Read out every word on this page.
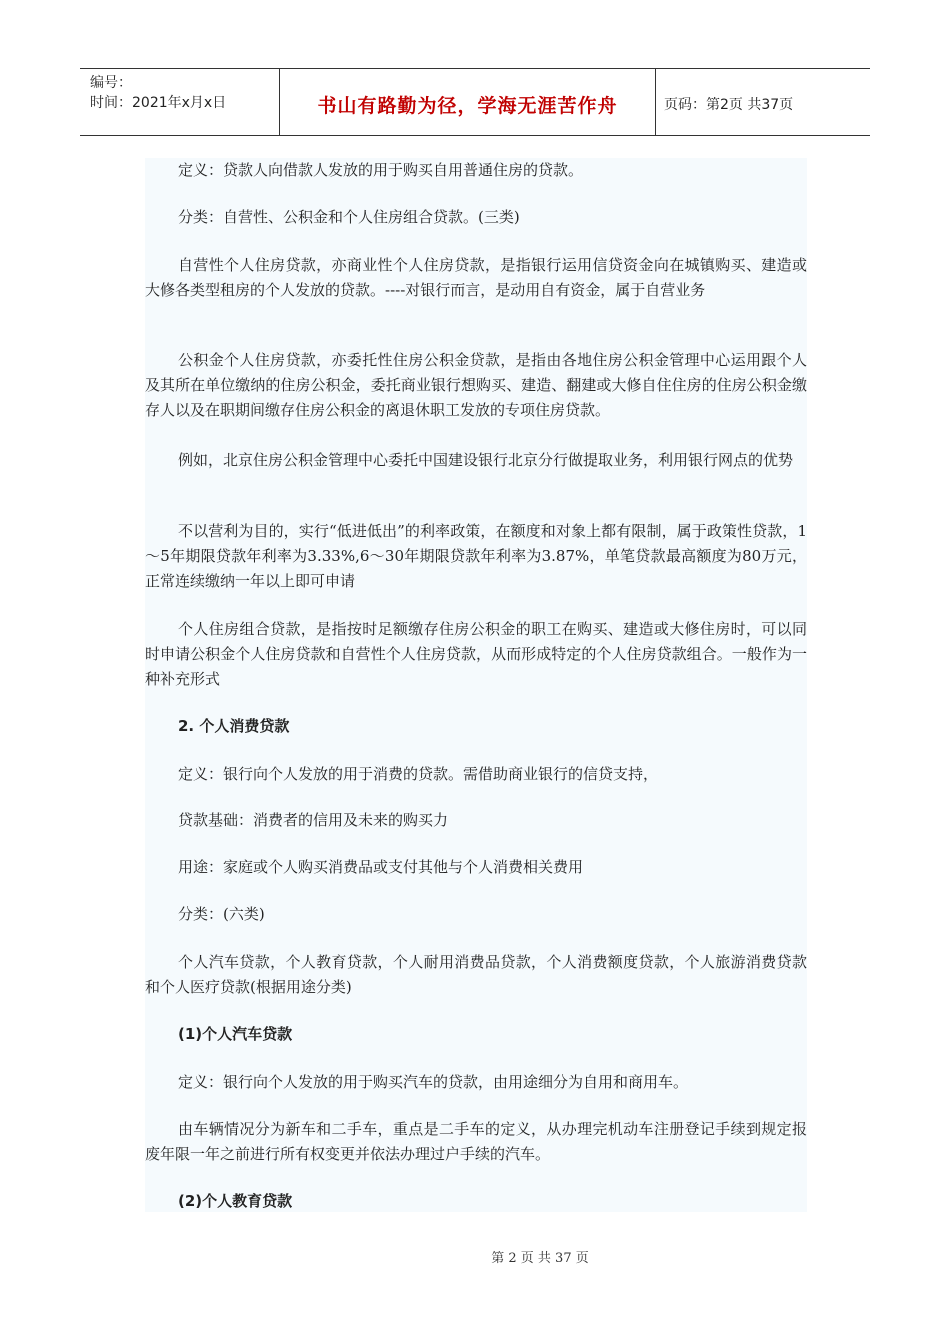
编号：
时间：2021年x月x日	书山有路勤为径，学海无涯苦作舟	页码：第2页 共37页

定义：贷款人向借款人发放的用于购买自用普通住房的贷款。

分类：自营性、公积金和个人住房组合贷款。(三类)

自营性个人住房贷款，亦商业性个人住房贷款，是指银行运用信贷资金向在城镇购买、建造或大修各类型租房的个人发放的贷款。----对银行而言，是动用自有资金，属于自营业务

公积金个人住房贷款，亦委托性住房公积金贷款，是指由各地住房公积金管理中心运用跟个人及其所在单位缴纳的住房公积金，委托商业银行想购买、建造、翻建或大修自住住房的住房公积金缴存人以及在职期间缴存住房公积金的离退休职工发放的专项住房贷款。

例如，北京住房公积金管理中心委托中国建设银行北京分行做提取业务，利用银行网点的优势

不以营利为目的，实行“低进低出”的利率政策，在额度和对象上都有限制，属于政策性贷款，1～5年期限贷款年利率为3.33%,6～30年期限贷款年利率为3.87%，单笔贷款最高额度为80万元，正常连续缴纳一年以上即可申请

个人住房组合贷款，是指按时足额缴存住房公积金的职工在购买、建造或大修住房时，可以同时申请公积金个人住房贷款和自营性个人住房贷款，从而形成特定的个人住房贷款组合。一般作为一种补充形式

2. 个人消费贷款

定义：银行向个人发放的用于消费的贷款。需借助商业银行的信贷支持，

贷款基础：消费者的信用及未来的购买力

用途：家庭或个人购买消费品或支付其他与个人消费相关费用

分类：(六类)

个人汽车贷款，个人教育贷款，个人耐用消费品贷款，个人消费额度贷款，个人旅游消费贷款和个人医疗贷款(根据用途分类)

(1)个人汽车贷款

定义：银行向个人发放的用于购买汽车的贷款，由用途细分为自用和商用车。

由车辆情况分为新车和二手车，重点是二手车的定义，从办理完机动车注册登记手续到规定报废年限一年之前进行所有权变更并依法办理过户手续的汽车。

(2)个人教育贷款

第 2 页 共 37 页
